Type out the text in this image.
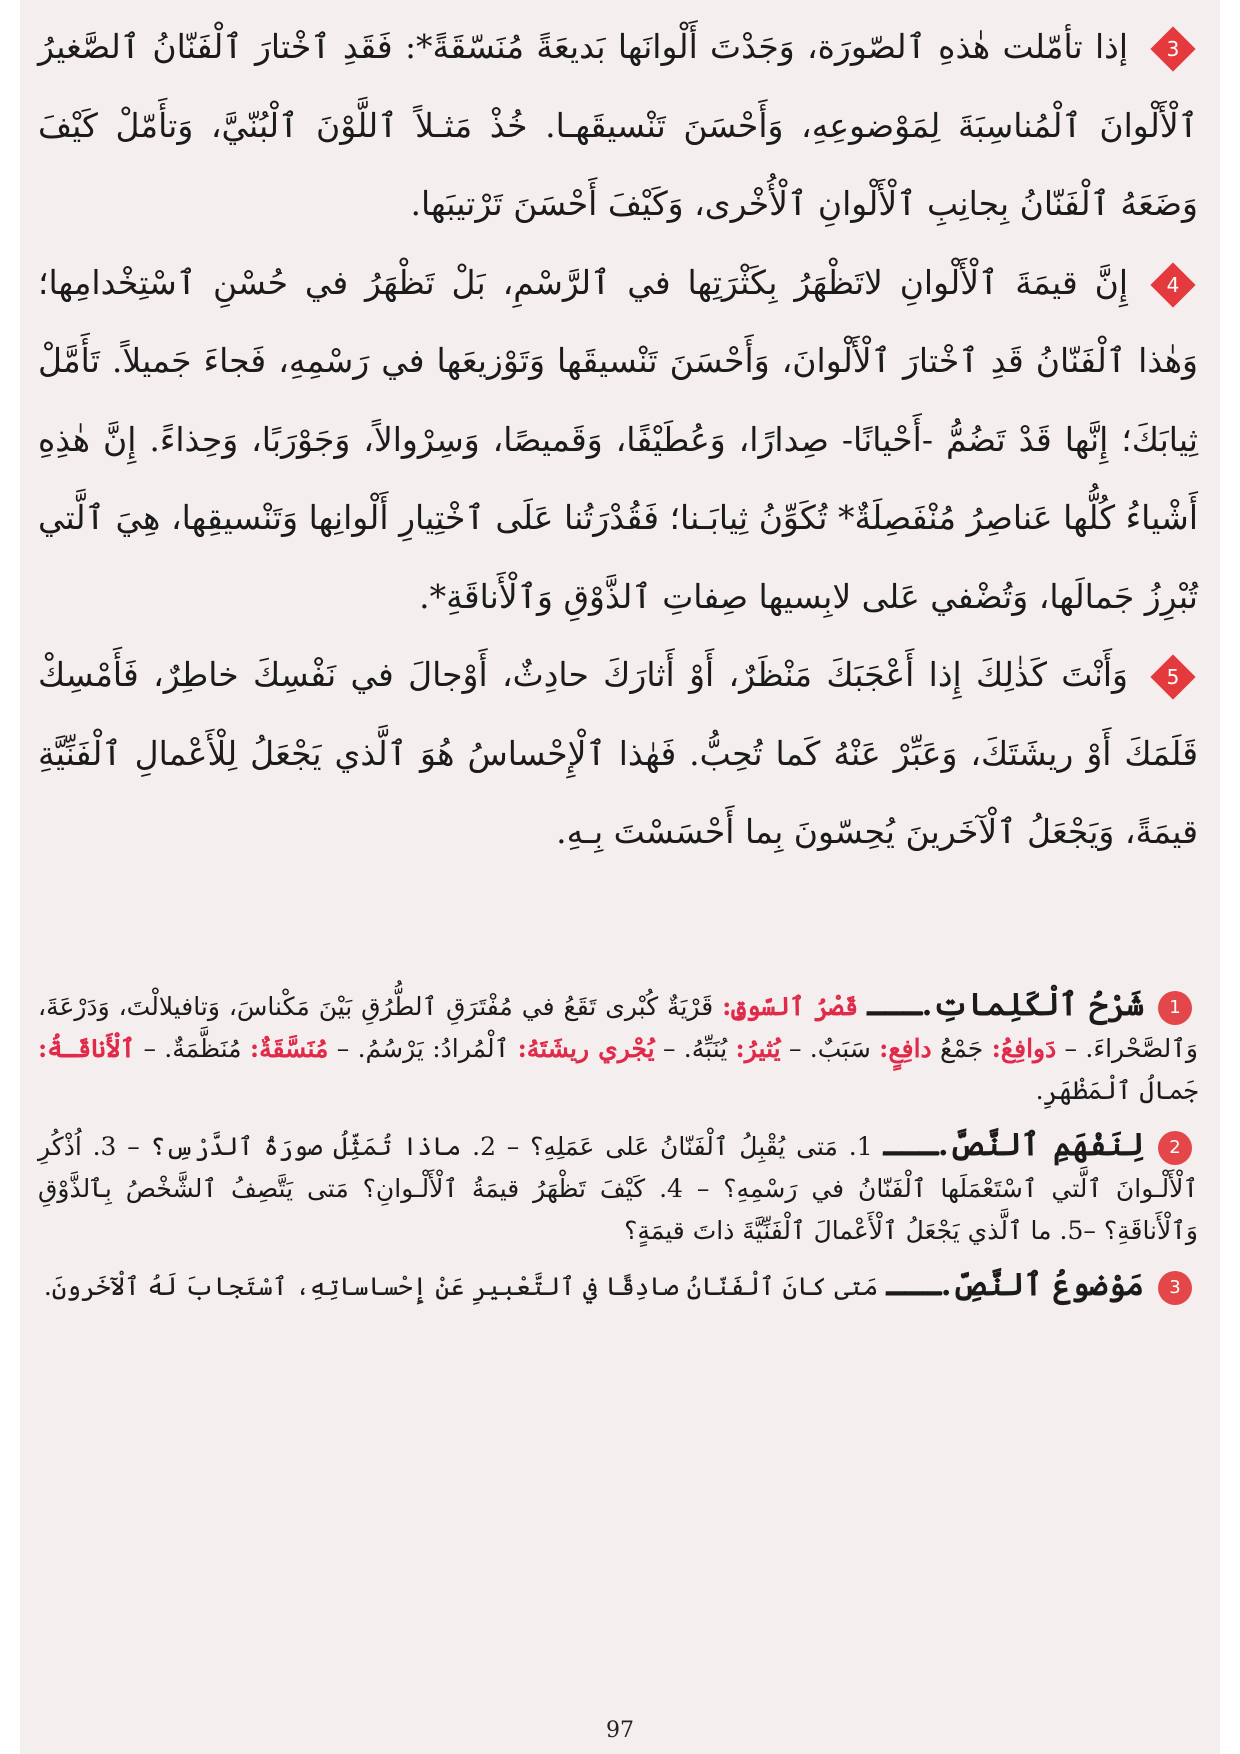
3
إذا تأمّلت هٰذهِ ٱلصّورَة، وَجَدْتَ أَلْوانَها بَديعَةً مُنَسّقَةً*: فَقَدِ ٱخْتارَ ٱلْفَنّانُ ٱلصَّغيرُ ٱلْأَلْوانَ ٱلْمُناسِبَةَ لِمَوْضوعِهِ، وَأَحْسَنَ تَنْسيقَهـا. خُذْ مَثـلاً ٱللَّوْنَ ٱلْبُنّيَّ، وَتأَمّلْ كَيْفَ وَضَعَهُ ٱلْفَنّانُ بِجانِبِ ٱلْأَلْوانِ ٱلْأُخْرى، وَكَيْفَ أَحْسَنَ تَرْتيبَها.

4
إِنَّ قيمَةَ ٱلْأَلْوانِ لاتَظْهَرُ بِكَثْرَتِها في ٱلرَّسْمِ، بَلْ تَظْهَرُ في حُسْنِ ٱسْتِخْدامِها؛ وَهٰذا ٱلْفَنّانُ قَدِ ٱخْتارَ ٱلْأَلْوانَ، وَأَحْسَنَ تَنْسيقَها وَتَوْزيعَها في رَسْمِهِ، فَجاءَ جَميلاً. تَأَمَّلْ ثِيابَكَ؛ إِنَّها قَدْ تَضُمُّ -أَحْيانًا- صِدارًا، وَعُطَيْفًا، وَقَميصًا، وَسِرْوالاً، وَجَوْرَبًا، وَحِذاءً. إِنَّ هٰذِهِ أَشْياءُ كُلُّها عَناصِرُ مُنْفَصِلَةٌ* تُكَوِّنُ ثِيابَـنا؛ فَقُدْرَتُنا عَلَى ٱخْتِيارِ أَلْوانِها وَتَنْسيقِها، هِيَ ٱلَّتي تُبْرِزُ جَمالَها، وَتُضْفي عَلى لابِسيها صِفاتِ ٱلذَّوْقِ وَٱلْأَناقَةِ*.

5
وَأَنْتَ كَذٰلِكَ إِذا أَعْجَبَكَ مَنْظَرٌ، أَوْ أَثارَكَ حادِثٌ، أَوْجالَ في نَفْسِكَ خاطِرٌ، فَأَمْسِكْ قَلَمَكَ أَوْ ريشَتَكَ، وَعَبِّرْ عَنْهُ كَما تُحِبُّ. فَهٰذا ٱلْإِحْساسُ هُوَ ٱلَّذي يَجْعَلُ لِلْأَعْمالِ ٱلْفَنِّيَّةِ قيمَةً، وَيَجْعَلُ ٱلْآخَرينَ يُحِسّونَ بِما أَحْسَسْتَ بِـهِ.

1شَرْحُ ٱلْكَلِماتِ.ـــ قَصْرُ ٱلسّوقِ: قَرْيَةٌ كُبْرى تَقَعُ في مُفْتَرَقِ ٱلطُّرُقِ بَيْنَ مَكْناسَ، وَتافيلالْتَ، وَدَرْعَةَ، وَٱلصَّحْراءَ. – دَوافِعُ: جَمْعُ دافِعٍ: سَبَبٌ. – يُثيرُ: يُنَبِّهُ. – يُجْري ريشَتَهُ: ٱلْمُرادُ: يَرْسُمُ. – مُنَسَّقَةٌ: مُنَظَّمَةٌ. – ٱلْأَناقَـةُ: جَمالُ ٱلْمَظْهَرِ.

2لِنَفْهَمِ ٱلنَّصَّ.ـــ 1. مَتى يُقْبِلُ ٱلْفَنّانُ عَلى عَمَلِهِ؟ – 2. ماذا تُمَثِّلُ صورَةُ ٱلدَّرْسِ؟ – 3. اُذْكُرِ ٱلْأَلْـوانَ ٱلَّتي ٱسْتَعْمَلَها ٱلْفَنّانُ في رَسْمِهِ؟ – 4. كَيْفَ تَظْهَرُ قيمَةُ ٱلْأَلْـوانِ؟ مَتى يَتَّصِفُ ٱلشَّخْصُ بِٱلذَّوْقِ وَٱلْأَناقَةِ؟ –5. ما ٱلَّذي يَجْعَلُ ٱلْأَعْمالَ ٱلْفَنِّيَّةَ ذاتَ قيمَةٍ؟

3مَوْضوعُ ٱلنَّصِّ.ـــ مَتى كانَ ٱلْفَنّانُ صادِقًا في ٱلتَّعْبيرِ عَنْ إِحْساساتِهِ، ٱسْتَجابَ لَهُ ٱلْآخَرونَ.

97
